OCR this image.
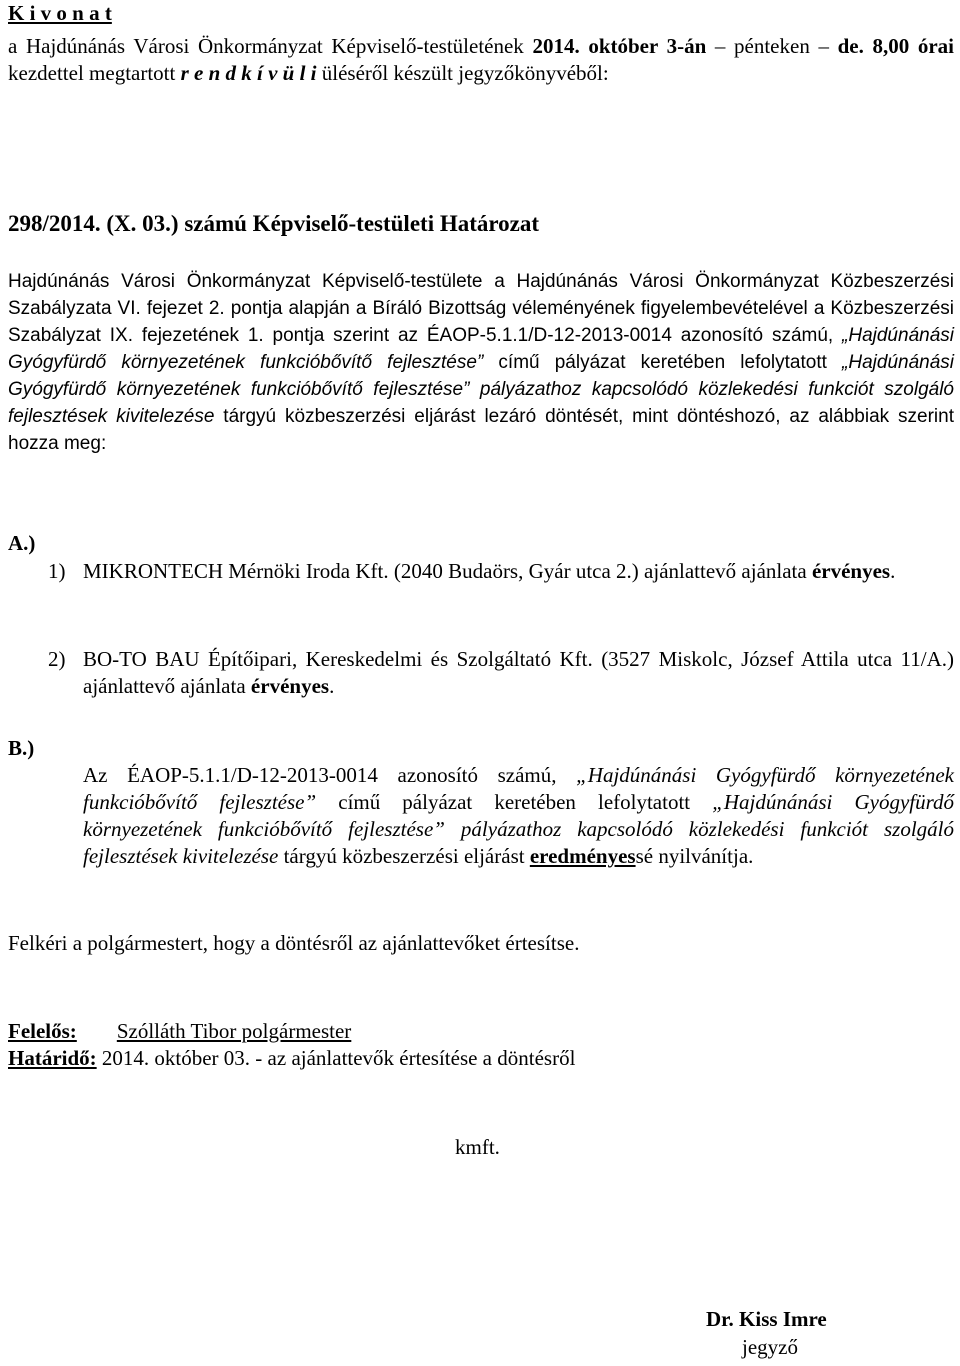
K i v o n a t

a Hajdúnánás Városi Önkormányzat Képviselő-testületének 2014. október 3-án – pénteken – de. 8,00 órai kezdettel megtartott r e n d k í v ü l i üléséről készült jegyzőkönyvéből:

298/2014. (X. 03.) számú Képviselő-testületi Határozat

Hajdúnánás Városi Önkormányzat Képviselő-testülete a Hajdúnánás Városi Önkormányzat Közbeszerzési Szabályzata VI. fejezet 2. pontja alapján a Bíráló Bizottság véleményének figyelembevételével a Közbeszerzési Szabályzat IX. fejezetének 1. pontja szerint az ÉAOP-5.1.1/D-12-2013-0014 azonosító számú, „Hajdúnánási Gyógyfürdő környezetének funkcióbővítő fejlesztése” című pályázat keretében lefolytatott „Hajdúnánási Gyógyfürdő környezetének funkcióbővítő fejlesztése” pályázathoz kapcsolódó közlekedési funkciót szolgáló fejlesztések kivitelezése tárgyú közbeszerzési eljárást lezáró döntését, mint döntéshozó, az alábbiak szerint hozza meg:

A.)

1) MIKRONTECH Mérnöki Iroda Kft. (2040 Budaörs, Gyár utca 2.) ajánlattevő ajánlata érvényes.

2) BO-TO BAU Építőipari, Kereskedelmi és Szolgáltató Kft. (3527 Miskolc, József Attila utca 11/A.) ajánlattevő ajánlata érvényes.

B.)

Az ÉAOP-5.1.1/D-12-2013-0014 azonosító számú, „Hajdúnánási Gyógyfürdő környezetének funkcióbővítő fejlesztése” című pályázat keretében lefolytatott „Hajdúnánási Gyógyfürdő környezetének funkcióbővítő fejlesztése” pályázathoz kapcsolódó közlekedési funkciót szolgáló fejlesztések kivitelezése tárgyú közbeszerzési eljárást eredményessé nyilvánítja.

Felkéri a polgármestert, hogy a döntésről az ajánlattevőket értesítse.

Felelős: Szólláth Tibor polgármester

Határidő: 2014. október 03. - az ajánlattevők értesítése a döntésről

kmft.

Dr. Kiss Imre

jegyző
